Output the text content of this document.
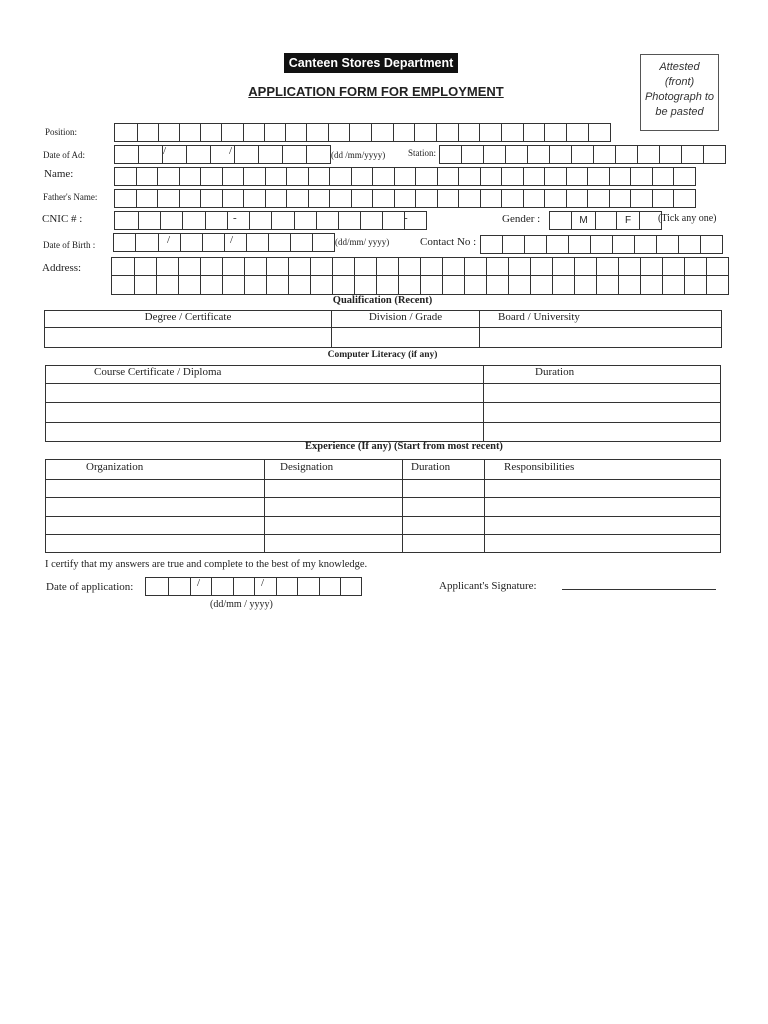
Canteen Stores Department
APPLICATION FORM FOR EMPLOYMENT
Attested
(front)
Photograph to
be pasted
Position:
Date of Ad:	/	/	(dd /mm/yyyy)	Station:
Name:
Father's Name:
CNIC # :	-	-	Gender :	M	F	(Tick any one)
Date of Birth :	/	/	(dd/mm/ yyyy)	Contact No :
Address:
Qualification (Recent)
Degree / Certificate	Division / Grade	Board / University

Computer Literacy (if any)
Course Certificate / Diploma	Duration

Experience (If any) (Start from most recent)
Organization	Designation	Duration	Responsibilities

I certify that my answers are true and complete to the best of my knowledge.
Date of application:	/	/
(dd/mm / yyyy)
Applicant's Signature:
